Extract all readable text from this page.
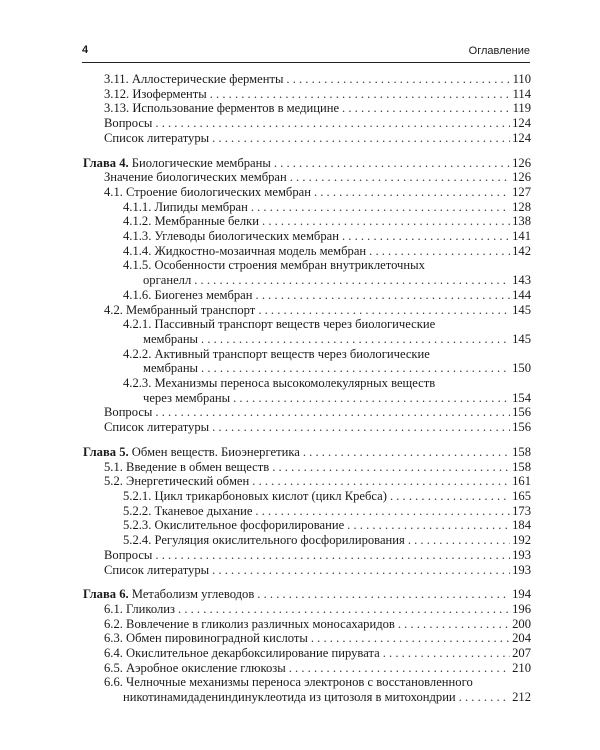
4	Оглавление
3.11. Аллостерические ферменты . . .	110
3.12. Изоферменты . . .	114
3.13. Использование ферментов в медицине . . .	119
Вопросы . . .	124
Список литературы . . .	124
Глава 4. Биологические мембраны . . .	126
Значение биологических мембран . . .	126
4.1. Строение биологических мембран . . .	127
4.1.1. Липиды мембран . . .	128
4.1.2. Мембранные белки . . .	138
4.1.3. Углеводы биологических мембран . . .	141
4.1.4. Жидкостно-мозаичная модель мембран . . .	142
4.1.5. Особенности строения мембран внутриклеточных
органелл . . .	143
4.1.6. Биогенез мембран . . .	144
4.2. Мембранный транспорт . . .	145
4.2.1. Пассивный транспорт веществ через биологические
мембраны . . .	145
4.2.2. Активный транспорт веществ через биологические
мембраны . . .	150
4.2.3. Механизмы переноса высокомолекулярных веществ
через мембраны . . .	154
Вопросы . . .	156
Список литературы . . .	156
Глава 5. Обмен веществ. Биоэнергетика . . .	158
5.1. Введение в обмен веществ . . .	158
5.2. Энергетический обмен . . .	161
5.2.1. Цикл трикарбоновых кислот (цикл Кребса) . . .	165
5.2.2. Тканевое дыхание . . .	173
5.2.3. Окислительное фосфорилирование . . .	184
5.2.4. Регуляция окислительного фосфорилирования . . .	192
Вопросы . . .	193
Список литературы . . .	193
Глава 6. Метаболизм углеводов . . .	194
6.1. Гликолиз . . .	196
6.2. Вовлечение в гликолиз различных моносахаридов . . .	200
6.3. Обмен пировиноградной кислоты . . .	204
6.4. Окислительное декарбоксилирование пирувата . . .	207
6.5. Аэробное окисление глюкозы . . .	210
6.6. Челночные механизмы переноса электронов с восстановленного
никотинамидадениндинуклеотида из цитозоля в митохондрии . . .	212
